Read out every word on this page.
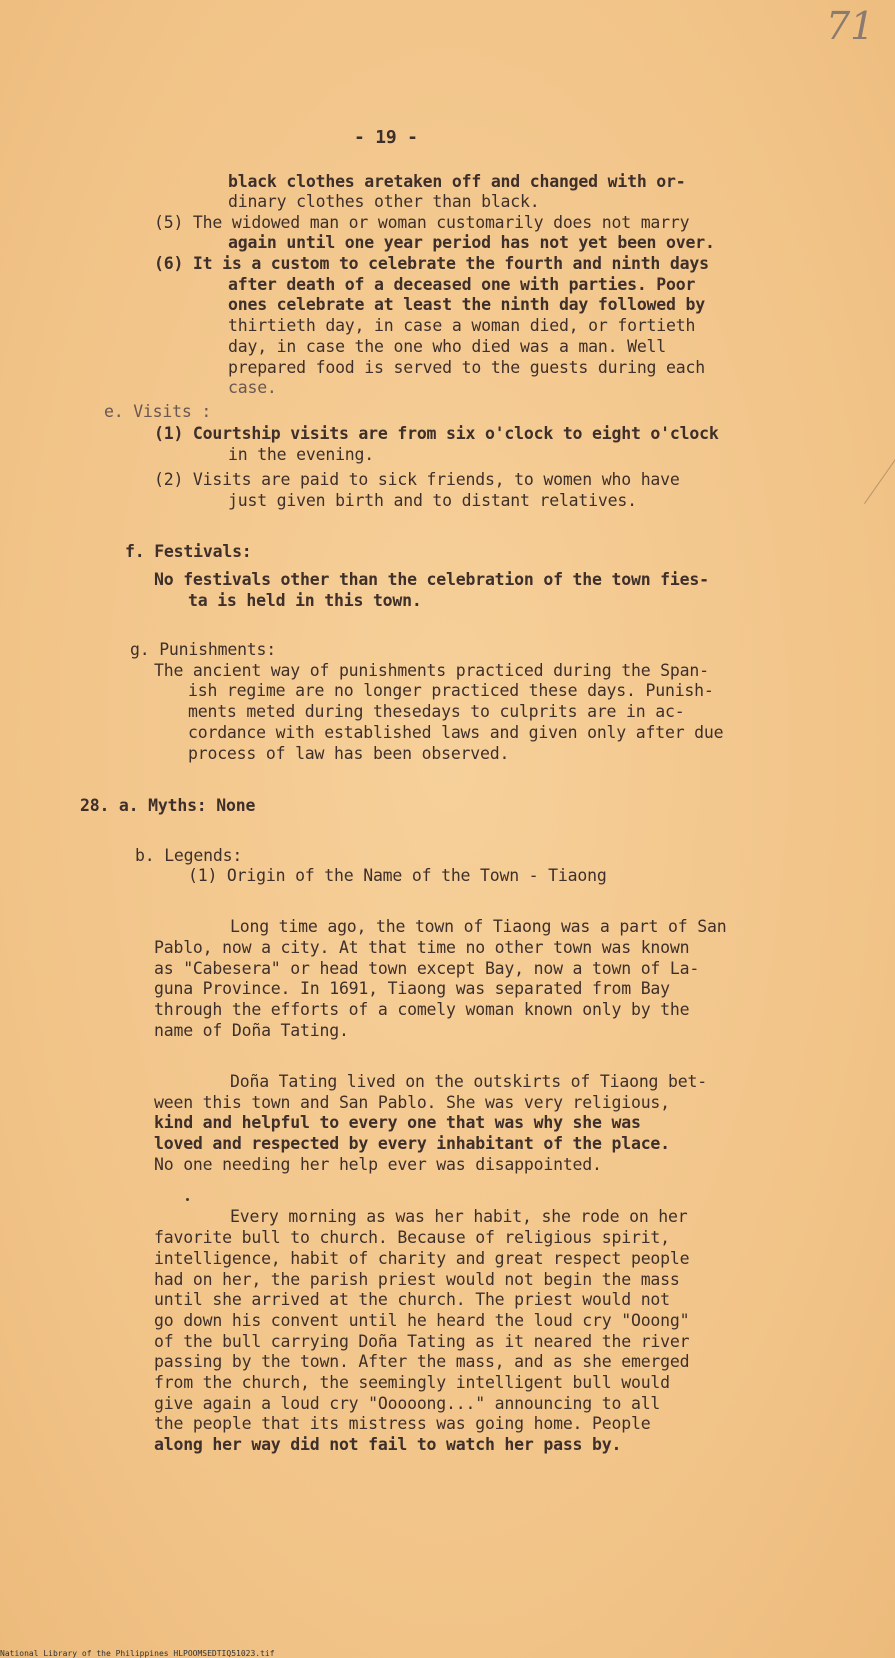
71
- 19 -
black clothes aretaken off and changed with or-
dinary clothes other than black.
(5) The widowed man or woman customarily does not marry
again until one year period has not yet been over.
(6) It is a custom to celebrate the fourth and ninth days
after death of a deceased one with parties. Poor
ones celebrate at least the ninth day followed by
thirtieth day, in case a woman died, or fortieth
day, in case the one who died was a man. Well
prepared food is served to the guests during each
case.
e. Visits :
(1) Courtship visits are from six o'clock to eight o'clock
in the evening.
(2) Visits are paid to sick friends, to women who have
just given birth and to distant relatives.
f. Festivals:
No festivals other than the celebration of the town fies-
ta is held in this town.
g. Punishments:
The ancient way of punishments practiced during the Span-
ish regime are no longer practiced these days. Punish-
ments meted during thesedays to culprits are in ac-
cordance with established laws and given only after due
process of law has been observed.
28. a. Myths: None
b. Legends:
(1) Origin of the Name of the Town - Tiaong
Long time ago, the town of Tiaong was a part of San
Pablo, now a city. At that time no other town was known
as "Cabesera" or head town except Bay, now a town of La-
guna Province. In 1691, Tiaong was separated from Bay
through the efforts of a comely woman known only by the
name of Doña Tating.
Doña Tating lived on the outskirts of Tiaong bet-
ween this town and San Pablo. She was very religious,
kind and helpful to every one that was why she was
loved and respected by every inhabitant of the place.
No one needing her help ever was disappointed.
Every morning as was her habit, she rode on her
favorite bull to church. Because of religious spirit,
intelligence, habit of charity and great respect people
had on her, the parish priest would not begin the mass
until she arrived at the church. The priest would not
go down his convent until he heard the loud cry "Ooong"
of the bull carrying Doña Tating as it neared the river
passing by the town. After the mass, and as she emerged
from the church, the seemingly intelligent bull would
give again a loud cry "Ooooong..." announcing to all
the people that its mistress was going home. People
along her way did not fail to watch her pass by.
National Library of the Philippines HLPOOMSEDTIQ51023.tif
